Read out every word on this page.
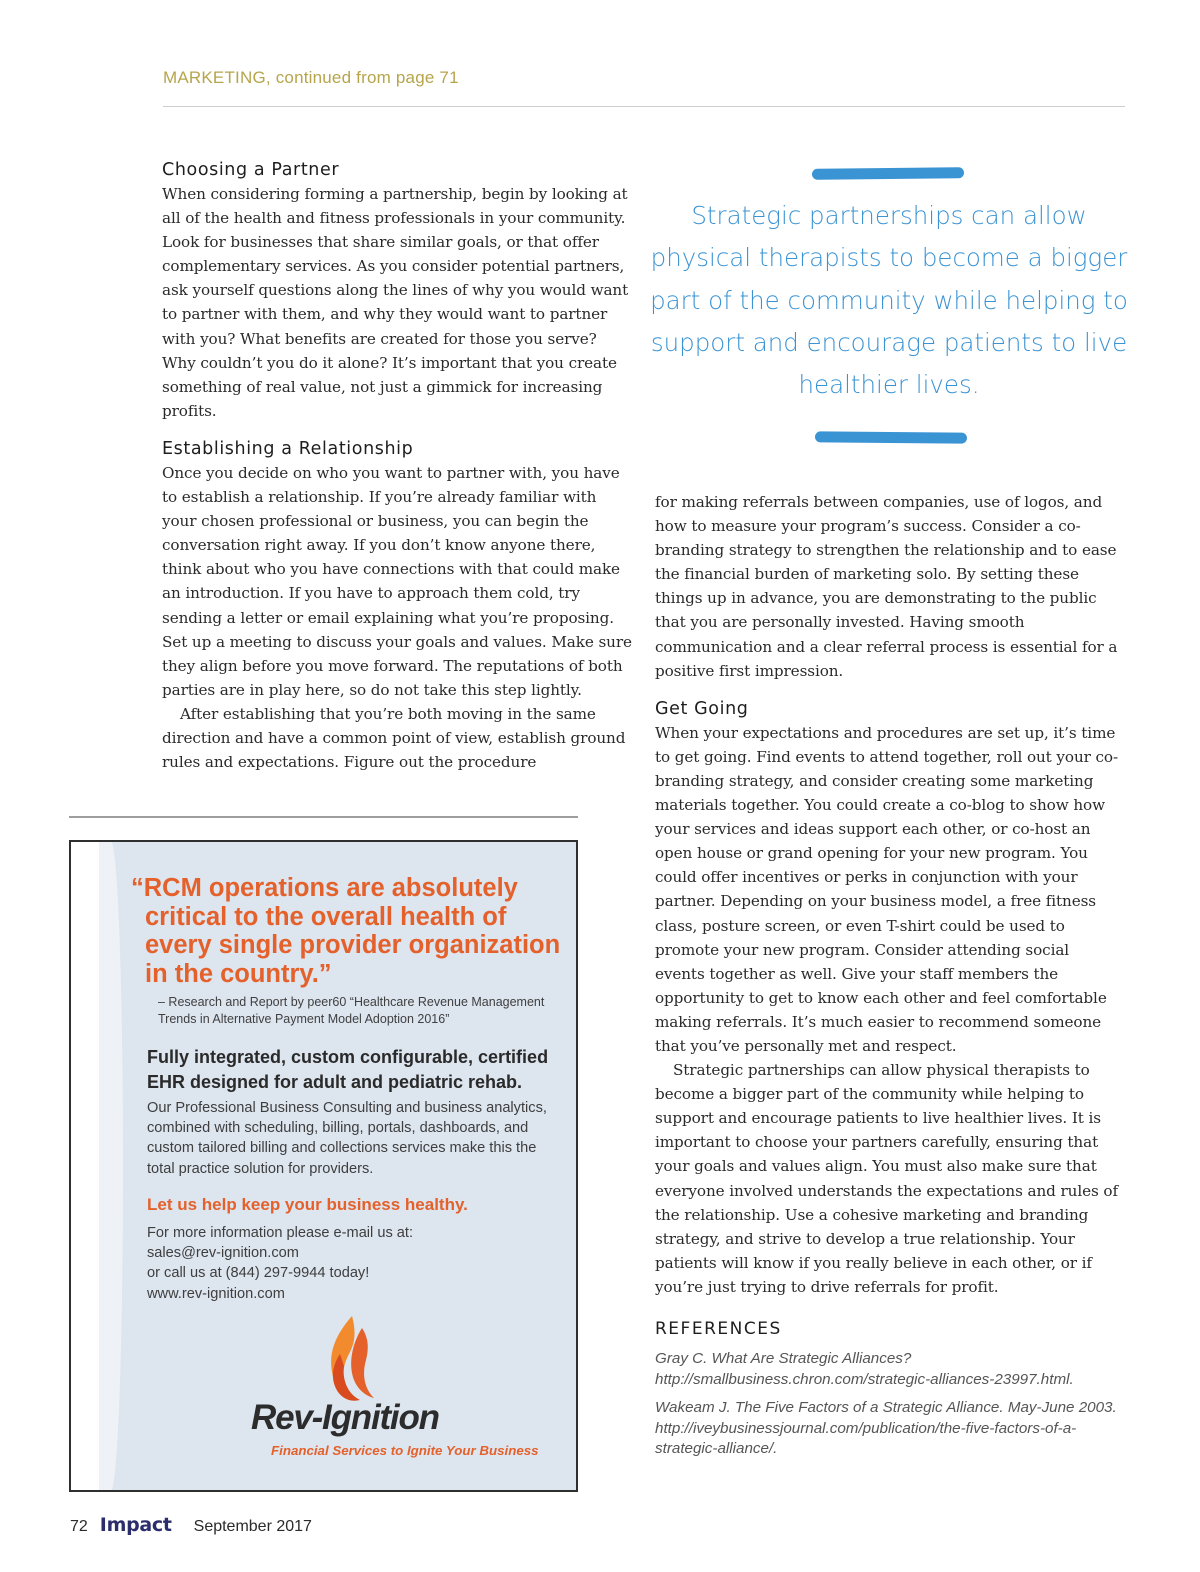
MARKETING, continued from page 71
Choosing a Partner

When considering forming a partnership, begin by looking at all of the health and fitness professionals in your community. Look for businesses that share similar goals, or that offer complementary services. As you consider potential partners, ask yourself questions along the lines of why you would want to partner with them, and why they would want to partner with you? What benefits are created for those you serve? Why couldn’t you do it alone? It’s important that you create something of real value, not just a gimmick for increasing profits.

Establishing a Relationship

Once you decide on who you want to partner with, you have to establish a relationship. If you’re already familiar with your chosen professional or business, you can begin the conversation right away. If you don’t know anyone there, think about who you have connections with that could make an introduction. If you have to approach them cold, try sending a letter or email explaining what you’re proposing. Set up a meeting to discuss your goals and values. Make sure they align before you move forward. The reputations of both parties are in play here, so do not take this step lightly.

After establishing that you’re both moving in the same direction and have a common point of view, establish ground rules and expectations. Figure out the procedure

Strategic partnerships can allow physical therapists to become a bigger part of the community while helping to support and encourage patients to live healthier lives.

for making referrals between companies, use of logos, and how to measure your program’s success. Consider a co-branding strategy to strengthen the relationship and to ease the financial burden of marketing solo. By setting these things up in advance, you are demonstrating to the public that you are personally invested. Having smooth communication and a clear referral process is essential for a positive first impression.

Get Going

When your expectations and procedures are set up, it’s time to get going. Find events to attend together, roll out your co-branding strategy, and consider creating some marketing materials together. You could create a co-blog to show how your services and ideas support each other, or co-host an open house or grand opening for your new program. You could offer incentives or perks in conjunction with your partner. Depending on your business model, a free fitness class, posture screen, or even T-shirt could be used to promote your new program. Consider attending social events together as well. Give your staff members the opportunity to get to know each other and feel comfortable making referrals. It’s much easier to recommend someone that you’ve personally met and respect.

Strategic partnerships can allow physical therapists to become a bigger part of the community while helping to support and encourage patients to live healthier lives. It is important to choose your partners carefully, ensuring that your goals and values align. You must also make sure that everyone involved understands the expectations and rules of the relationship. Use a cohesive marketing and branding strategy, and strive to develop a true relationship. Your patients will know if you really believe in each other, or if you’re just trying to drive referrals for profit.

REFERENCES

Gray C. What Are Strategic Alliances? http://smallbusiness.chron.com/strategic-alliances-23997.html.

Wakeam J. The Five Factors of a Strategic Alliance. May-June 2003. http://iveybusinessjournal.com/publication/the-five-factors-of-a-strategic-alliance/.

“RCM operations are absolutely critical to the overall health of every single provider organization in the country.”
– Research and Report by peer60 “Healthcare Revenue Management Trends in Alternative Payment Model Adoption 2016”
Fully integrated, custom configurable, certified EHR designed for adult and pediatric rehab.
Our Professional Business Consulting and business analytics, combined with scheduling, billing, portals, dashboards, and custom tailored billing and collections services make this the total practice solution for providers.
Let us help keep your business healthy.
For more information please e-mail us at:
sales@rev-ignition.com
or call us at (844) 297-9944 today!
www.rev-ignition.com
Rev-Ignition
Financial Services to Ignite Your Business
72 Impact September 2017
